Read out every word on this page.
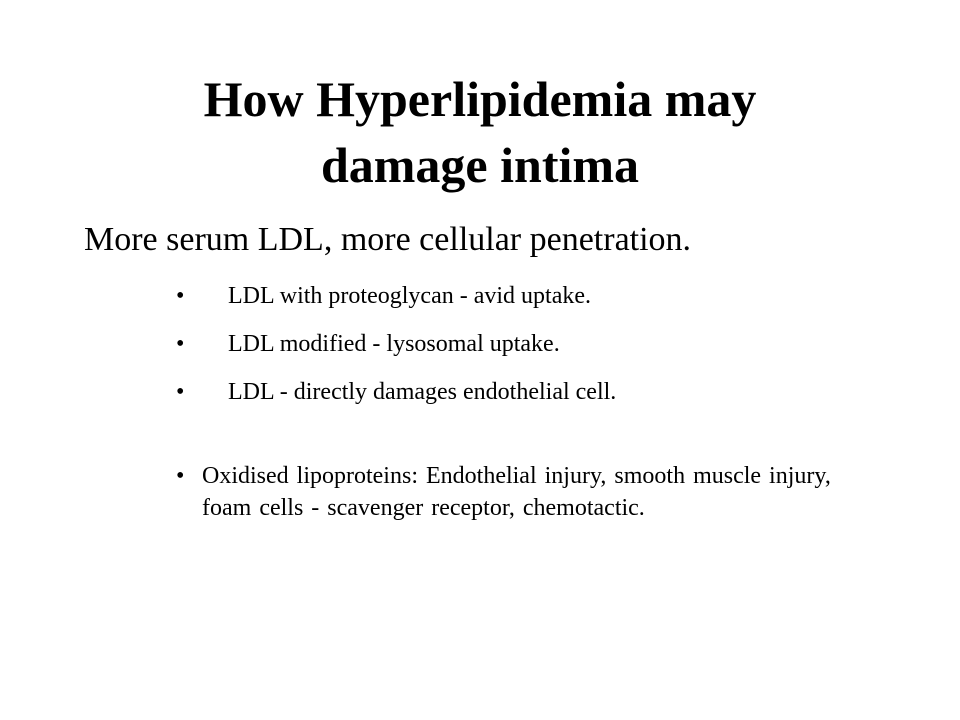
How Hyperlipidemia may
damage intima

More serum LDL, more cellular penetration.

• LDL with proteoglycan - avid uptake.
• LDL modified - lysosomal uptake.
• LDL - directly damages endothelial cell.
• Oxidised lipoproteins: Endothelial injury, smooth muscle injury, foam cells - scavenger receptor, chemotactic.
